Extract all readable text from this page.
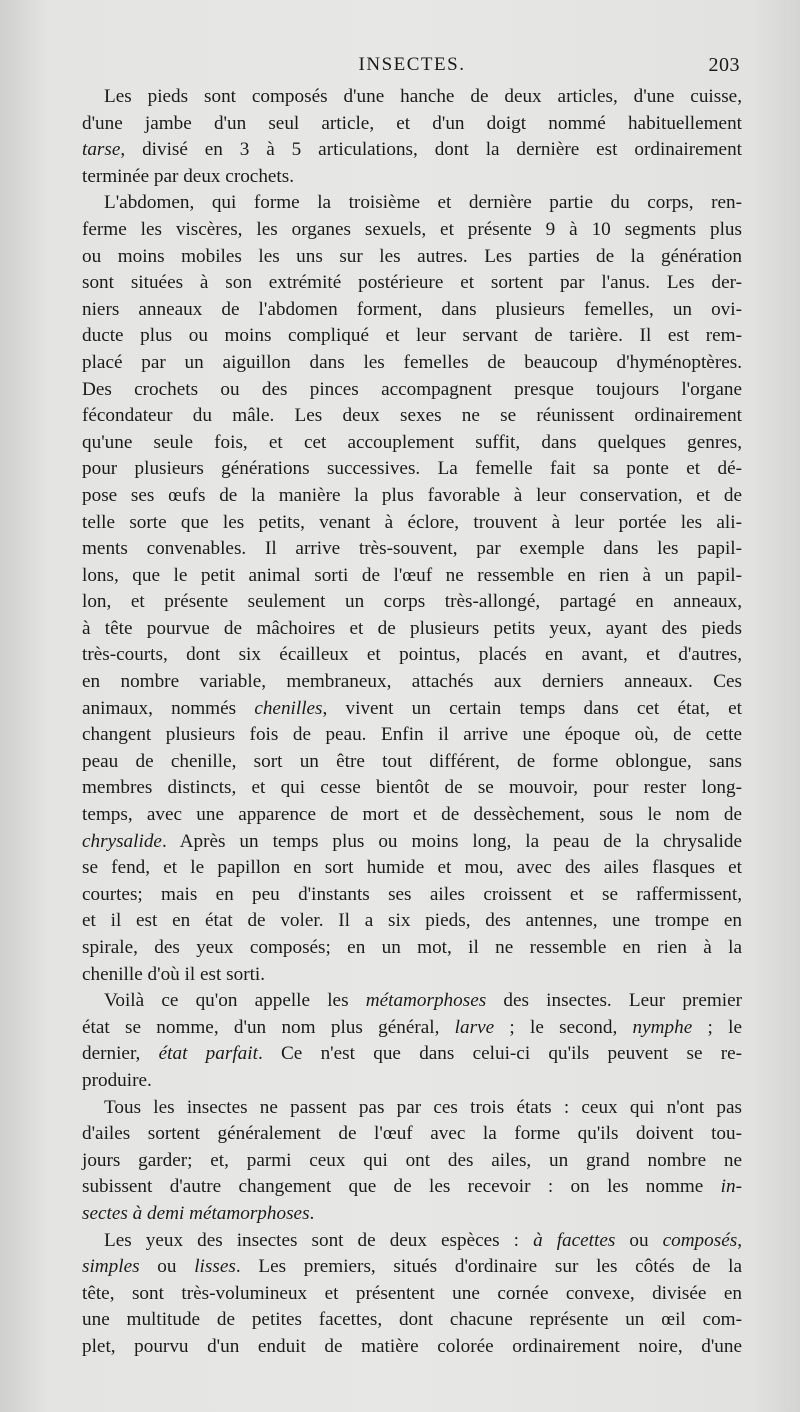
INSECTES.	203
Les pieds sont composés d'une hanche de deux articles, d'une cuisse,
d'une jambe d'un seul article, et d'un doigt nommé habituellement
tarse, divisé en 3 à 5 articulations, dont la dernière est ordinairement
terminée par deux crochets.
L'abdomen, qui forme la troisième et dernière partie du corps, ren-
ferme les viscères, les organes sexuels, et présente 9 à 10 segments plus
ou moins mobiles les uns sur les autres. Les parties de la génération
sont situées à son extrémité postérieure et sortent par l'anus. Les der-
niers anneaux de l'abdomen forment, dans plusieurs femelles, un ovi-
ducte plus ou moins compliqué et leur servant de tarière. Il est rem-
placé par un aiguillon dans les femelles de beaucoup d'hyménoptères.
Des crochets ou des pinces accompagnent presque toujours l'organe
fécondateur du mâle. Les deux sexes ne se réunissent ordinairement
qu'une seule fois, et cet accouplement suffit, dans quelques genres,
pour plusieurs générations successives. La femelle fait sa ponte et dé-
pose ses œufs de la manière la plus favorable à leur conservation, et de
telle sorte que les petits, venant à éclore, trouvent à leur portée les ali-
ments convenables. Il arrive très-souvent, par exemple dans les papil-
lons, que le petit animal sorti de l'œuf ne ressemble en rien à un papil-
lon, et présente seulement un corps très-allongé, partagé en anneaux,
à tête pourvue de mâchoires et de plusieurs petits yeux, ayant des pieds
très-courts, dont six écailleux et pointus, placés en avant, et d'autres,
en nombre variable, membraneux, attachés aux derniers anneaux. Ces
animaux, nommés chenilles, vivent un certain temps dans cet état, et
changent plusieurs fois de peau. Enfin il arrive une époque où, de cette
peau de chenille, sort un être tout différent, de forme oblongue, sans
membres distincts, et qui cesse bientôt de se mouvoir, pour rester long-
temps, avec une apparence de mort et de dessèchement, sous le nom de
chrysalide. Après un temps plus ou moins long, la peau de la chrysalide
se fend, et le papillon en sort humide et mou, avec des ailes flasques et
courtes; mais en peu d'instants ses ailes croissent et se raffermissent,
et il est en état de voler. Il a six pieds, des antennes, une trompe en
spirale, des yeux composés; en un mot, il ne ressemble en rien à la
chenille d'où il est sorti.
Voilà ce qu'on appelle les métamorphoses des insectes. Leur premier
état se nomme, d'un nom plus général, larve ; le second, nymphe ; le
dernier, état parfait. Ce n'est que dans celui-ci qu'ils peuvent se re-
produire.
Tous les insectes ne passent pas par ces trois états : ceux qui n'ont pas
d'ailes sortent généralement de l'œuf avec la forme qu'ils doivent tou-
jours garder; et, parmi ceux qui ont des ailes, un grand nombre ne
subissent d'autre changement que de les recevoir : on les nomme in-
sectes à demi métamorphoses.
Les yeux des insectes sont de deux espèces : à facettes ou composés,
simples ou lisses. Les premiers, situés d'ordinaire sur les côtés de la
tête, sont très-volumineux et présentent une cornée convexe, divisée en
une multitude de petites facettes, dont chacune représente un œil com-
plet, pourvu d'un enduit de matière colorée ordinairement noire, d'une
